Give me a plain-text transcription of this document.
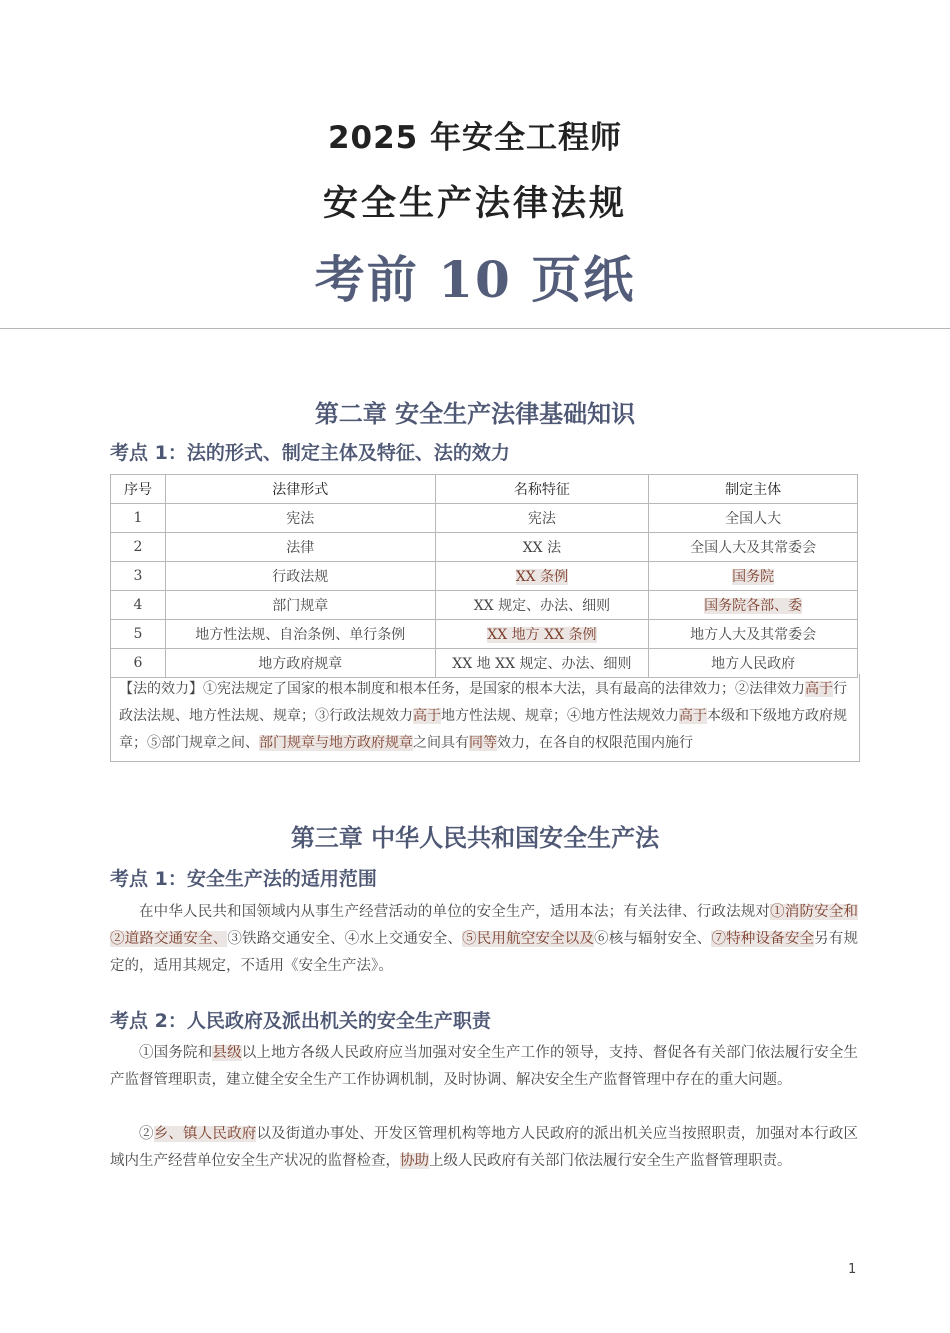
2025 年安全工程师
安全生产法律法规
考前 10 页纸
第二章 安全生产法律基础知识
考点 1：法的形式、制定主体及特征、法的效力
序号	法律形式	名称特征	制定主体
1	宪法	宪法	全国人大
2	法律	XX 法	全国人大及其常委会
3	行政法规	XX 条例	国务院
4	部门规章	XX 规定、办法、细则	国务院各部、委
5	地方性法规、自治条例、单行条例	XX 地方 XX 条例	地方人大及其常委会
6	地方政府规章	XX 地 XX 规定、办法、细则	地方人民政府
【法的效力】①宪法规定了国家的根本制度和根本任务，是国家的根本大法，具有最高的法律效力；②法律效力高于行政法法规、地方性法规、规章；③行政法规效力高于地方性法规、规章；④地方性法规效力高于本级和下级地方政府规章；⑤部门规章之间、部门规章与地方政府规章之间具有同等效力，在各自的权限范围内施行
第三章 中华人民共和国安全生产法
考点 1：安全生产法的适用范围
在中华人民共和国领域内从事生产经营活动的单位的安全生产，适用本法；有关法律、行政法规对①消防安全和②道路交通安全、③铁路交通安全、④水上交通安全、⑤民用航空安全以及⑥核与辐射安全、⑦特种设备安全另有规定的，适用其规定，不适用《安全生产法》。
考点 2：人民政府及派出机关的安全生产职责
①国务院和县级以上地方各级人民政府应当加强对安全生产工作的领导，支持、督促各有关部门依法履行安全生产监督管理职责，建立健全安全生产工作协调机制，及时协调、解决安全生产监督管理中存在的重大问题。
②乡、镇人民政府以及街道办事处、开发区管理机构等地方人民政府的派出机关应当按照职责，加强对本行政区域内生产经营单位安全生产状况的监督检查，协助上级人民政府有关部门依法履行安全生产监督管理职责。
1
